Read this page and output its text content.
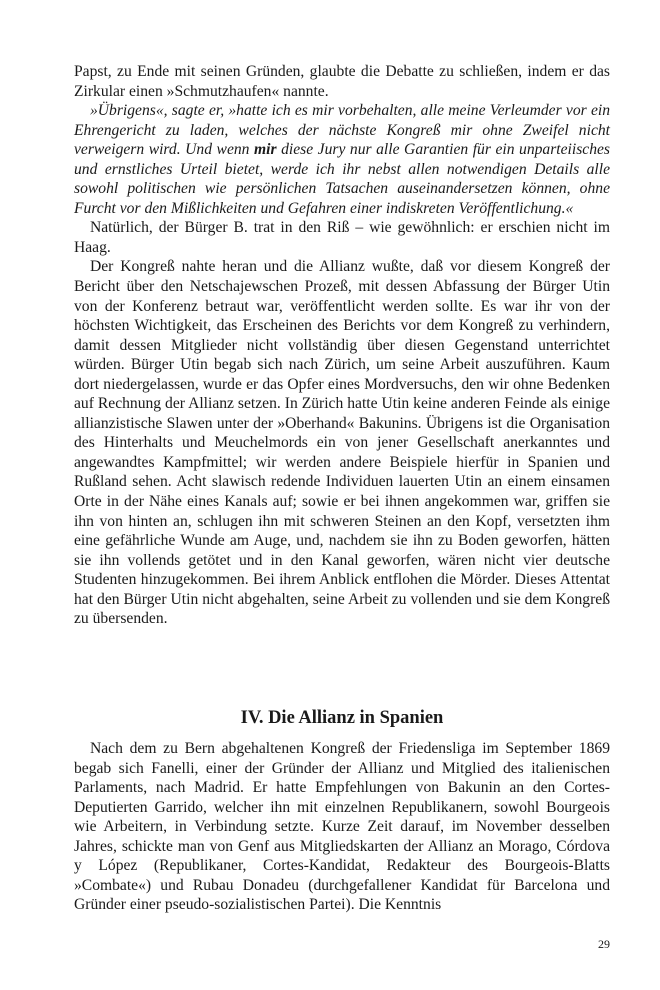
Papst, zu Ende mit seinen Gründen, glaubte die Debatte zu schließen, indem er das Zirkular einen »Schmutzhaufen« nannte.

»Übrigens«, sagte er, »hatte ich es mir vorbehalten, alle meine Verleumder vor ein Ehrengericht zu laden, welches der nächste Kongreß mir ohne Zweifel nicht verweigern wird. Und wenn mir diese Jury nur alle Garantien für ein unparteiisches und ernstliches Urteil bietet, werde ich ihr nebst allen notwendigen Details alle sowohl politischen wie persönlichen Tatsachen auseinandersetzen können, ohne Furcht vor den Mißlichkeiten und Gefahren einer indiskreten Veröffentlichung.«

Natürlich, der Bürger B. trat in den Riß – wie gewöhnlich: er erschien nicht im Haag.

Der Kongreß nahte heran und die Allianz wußte, daß vor diesem Kongreß der Bericht über den Netschajewschen Prozeß, mit dessen Abfassung der Bürger Utin von der Konferenz betraut war, veröffentlicht werden sollte. Es war ihr von der höchsten Wichtigkeit, das Erscheinen des Berichts vor dem Kongreß zu verhindern, damit dessen Mitglieder nicht vollständig über diesen Gegenstand unterrichtet würden. Bürger Utin begab sich nach Zürich, um seine Arbeit auszuführen. Kaum dort niedergelassen, wurde er das Opfer eines Mordversuchs, den wir ohne Bedenken auf Rechnung der Allianz setzen. In Zürich hatte Utin keine anderen Feinde als einige allianzistische Slawen unter der »Oberhand« Bakunins. Übrigens ist die Organisation des Hinterhalts und Meuchelmords ein von jener Gesellschaft anerkanntes und angewandtes Kampfmittel; wir werden andere Beispiele hierfür in Spanien und Rußland sehen. Acht slawisch redende Individuen lauerten Utin an einem einsamen Orte in der Nähe eines Kanals auf; sowie er bei ihnen angekommen war, griffen sie ihn von hinten an, schlugen ihn mit schweren Steinen an den Kopf, versetzten ihm eine gefährliche Wunde am Auge, und, nachdem sie ihn zu Boden geworfen, hätten sie ihn vollends getötet und in den Kanal geworfen, wären nicht vier deutsche Studenten hinzugekommen. Bei ihrem Anblick entflohen die Mörder. Dieses Attentat hat den Bürger Utin nicht abgehalten, seine Arbeit zu vollenden und sie dem Kongreß zu übersenden.

IV. Die Allianz in Spanien

Nach dem zu Bern abgehaltenen Kongreß der Friedensliga im September 1869 begab sich Fanelli, einer der Gründer der Allianz und Mitglied des italienischen Parlaments, nach Madrid. Er hatte Empfehlungen von Bakunin an den Cortes-Deputierten Garrido, welcher ihn mit einzelnen Republikanern, sowohl Bourgeois wie Arbeitern, in Verbindung setzte. Kurze Zeit darauf, im November desselben Jahres, schickte man von Genf aus Mitgliedskarten der Allianz an Morago, Córdova y López (Republikaner, Cortes-Kandidat, Redakteur des Bourgeois-Blatts »Combate«) und Rubau Donadeu (durchgefallener Kandidat für Barcelona und Gründer einer pseudo-sozialistischen Partei). Die Kenntnis

29
